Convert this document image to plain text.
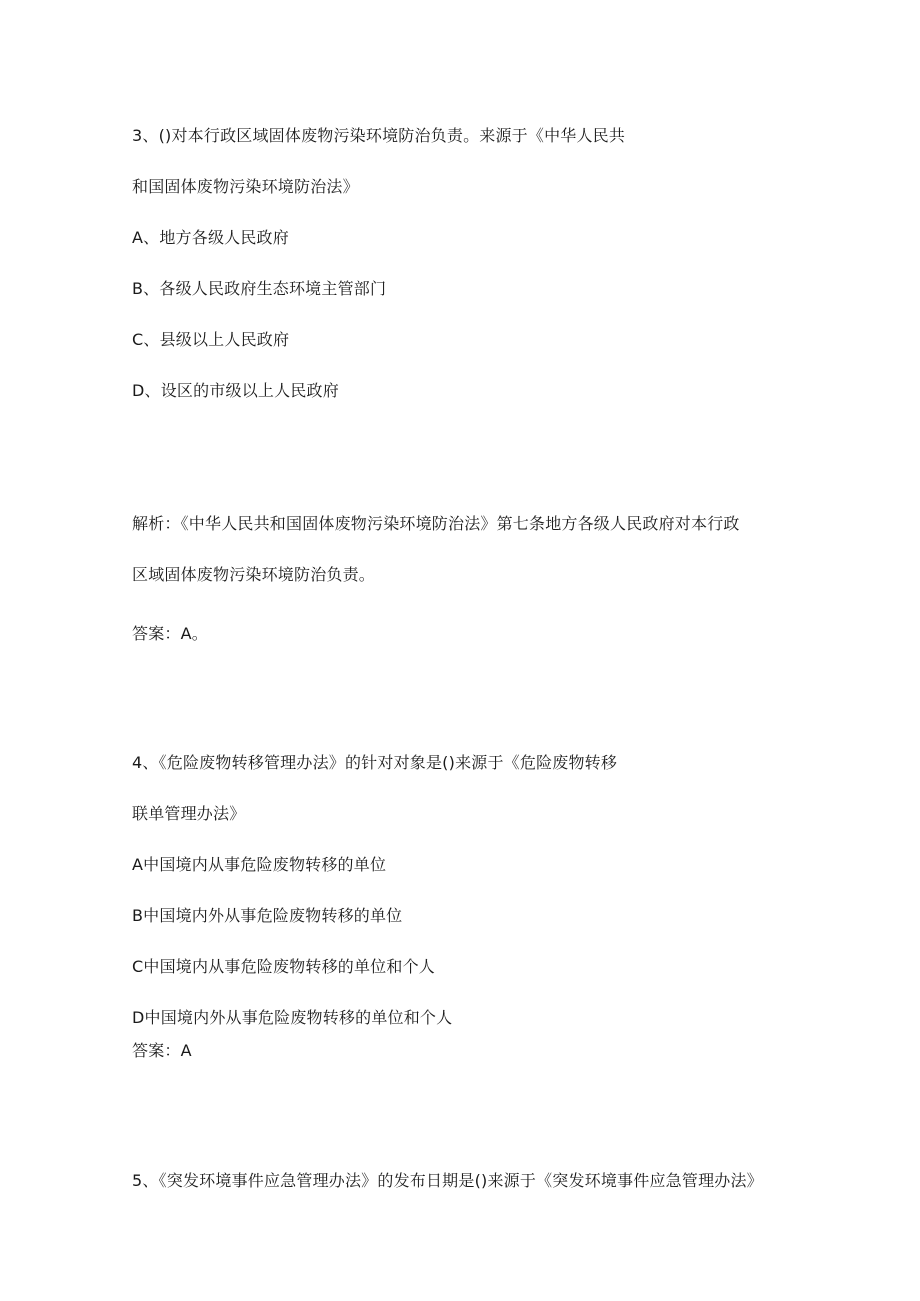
3、()对本行政区域固体废物污染环境防治负责。来源于《中华人民共
和国固体废物污染环境防治法》
A、地方各级人民政府
B、各级人民政府生态环境主管部门
C、县级以上人民政府
D、设区的市级以上人民政府
解析：《中华人民共和国固体废物污染环境防治法》第七条地方各级人民政府对本行政
区域固体废物污染环境防治负责。
答案：A。
4、《危险废物转移管理办法》的针对对象是()来源于《危险废物转移
联单管理办法》
A中国境内从事危险废物转移的单位
B中国境内外从事危险废物转移的单位
C中国境内从事危险废物转移的单位和个人
D中国境内外从事危险废物转移的单位和个人
答案：A
5、《突发环境事件应急管理办法》的发布日期是()来源于《突发环境事件应急管理办法》
